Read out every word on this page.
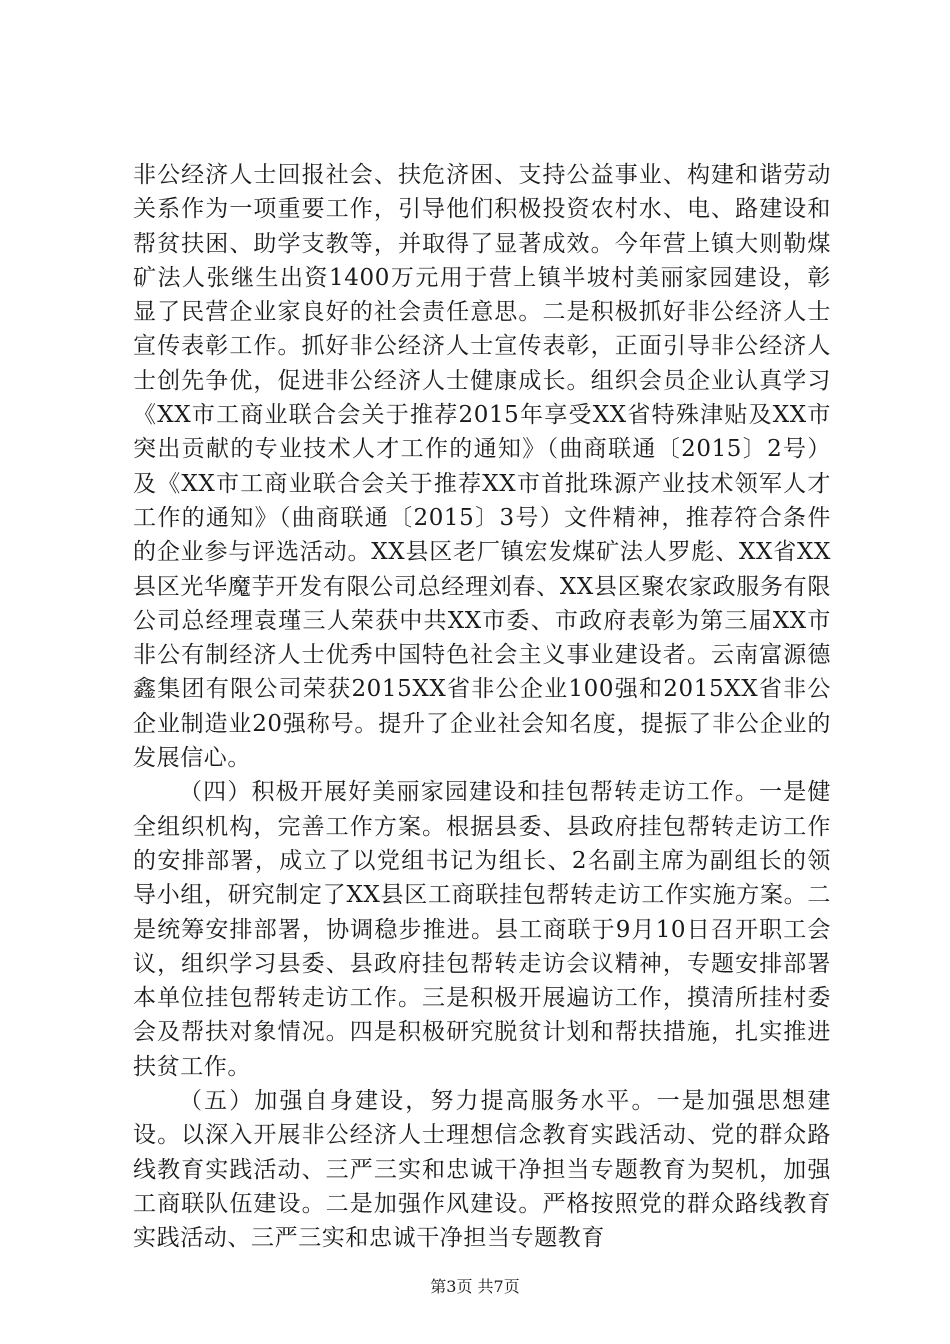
非公经济人士回报社会、扶危济困、支持公益事业、构建和谐劳动关系作为一项重要工作，引导他们积极投资农村水、电、路建设和帮贫扶困、助学支教等，并取得了显著成效。今年营上镇大则勒煤矿法人张继生出资1400万元用于营上镇半坡村美丽家园建设，彰显了民营企业家良好的社会责任意思。二是积极抓好非公经济人士宣传表彰工作。抓好非公经济人士宣传表彰，正面引导非公经济人士创先争优，促进非公经济人士健康成长。组织会员企业认真学习《XX市工商业联合会关于推荐2015年享受XX省特殊津贴及XX市突出贡献的专业技术人才工作的通知》（曲商联通〔2015〕2号）及《XX市工商业联合会关于推荐XX市首批珠源产业技术领军人才工作的通知》（曲商联通〔2015〕3号）文件精神，推荐符合条件的企业参与评选活动。XX县区老厂镇宏发煤矿法人罗彪、XX省XX县区光华魔芋开发有限公司总经理刘春、XX县区聚农家政服务有限公司总经理袁瑾三人荣获中共XX市委、市政府表彰为第三届XX市非公有制经济人士优秀中国特色社会主义事业建设者。云南富源德鑫集团有限公司荣获2015XX省非公企业100强和2015XX省非公企业制造业20强称号。提升了企业社会知名度，提振了非公企业的发展信心。

（四）积极开展好美丽家园建设和挂包帮转走访工作。一是健全组织机构，完善工作方案。根据县委、县政府挂包帮转走访工作的安排部署，成立了以党组书记为组长、2名副主席为副组长的领导小组，研究制定了XX县区工商联挂包帮转走访工作实施方案。二是统筹安排部署，协调稳步推进。县工商联于9月10日召开职工会议，组织学习县委、县政府挂包帮转走访会议精神，专题安排部署本单位挂包帮转走访工作。三是积极开展遍访工作，摸清所挂村委会及帮扶对象情况。四是积极研究脱贫计划和帮扶措施，扎实推进扶贫工作。

（五）加强自身建设，努力提高服务水平。一是加强思想建设。以深入开展非公经济人士理想信念教育实践活动、党的群众路线教育实践活动、三严三实和忠诚干净担当专题教育为契机，加强工商联队伍建设。二是加强作风建设。严格按照党的群众路线教育实践活动、三严三实和忠诚干净担当专题教育

第3页 共7页
